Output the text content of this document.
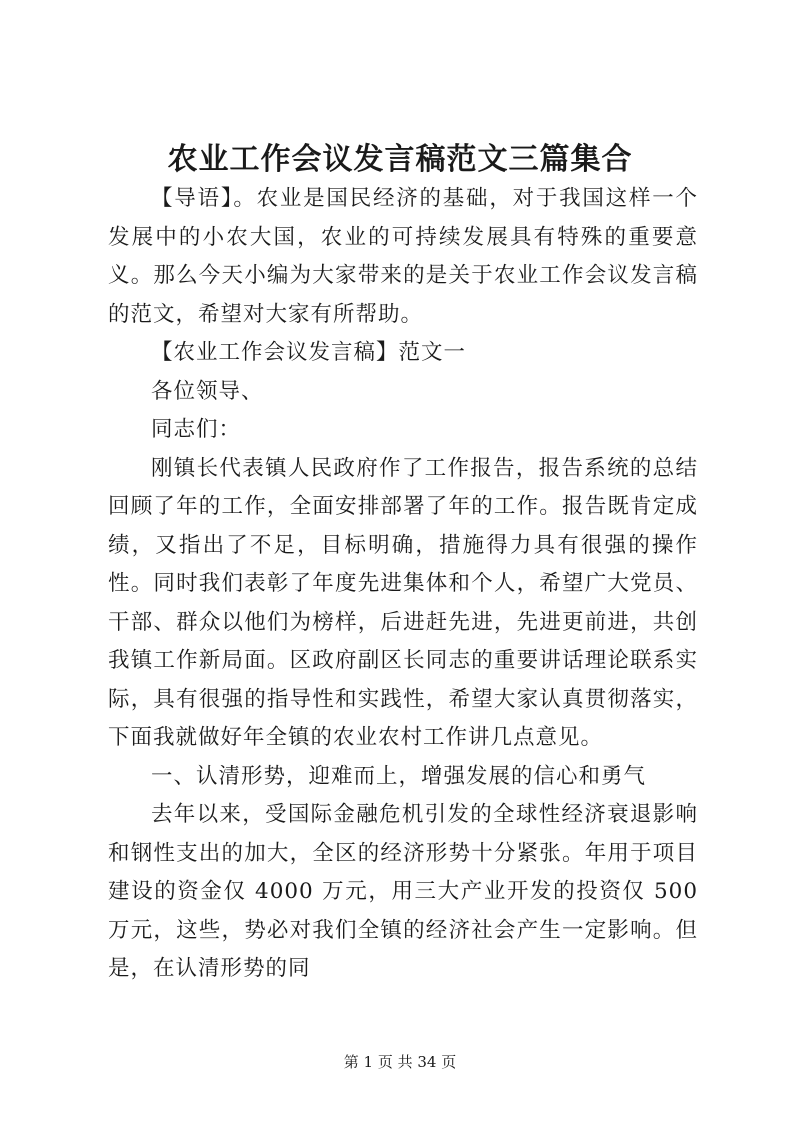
农业工作会议发言稿范文三篇集合

【导语】。农业是国民经济的基础，对于我国这样一个发展中的小农大国，农业的可持续发展具有特殊的重要意义。那么今天小编为大家带来的是关于农业工作会议发言稿的范文，希望对大家有所帮助。

【农业工作会议发言稿】范文一

各位领导、

同志们：

刚镇长代表镇人民政府作了工作报告，报告系统的总结回顾了年的工作，全面安排部署了年的工作。报告既肯定成绩，又指出了不足，目标明确，措施得力具有很强的操作性。同时我们表彰了年度先进集体和个人，希望广大党员、干部、群众以他们为榜样，后进赶先进，先进更前进，共创我镇工作新局面。区政府副区长同志的重要讲话理论联系实际，具有很强的指导性和实践性，希望大家认真贯彻落实，下面我就做好年全镇的农业农村工作讲几点意见。

一、认清形势，迎难而上，增强发展的信心和勇气

去年以来，受国际金融危机引发的全球性经济衰退影响和钢性支出的加大，全区的经济形势十分紧张。年用于项目建设的资金仅 4000 万元，用三大产业开发的投资仅 500 万元，这些，势必对我们全镇的经济社会产生一定影响。但是，在认清形势的同

第 1 页 共 34 页
